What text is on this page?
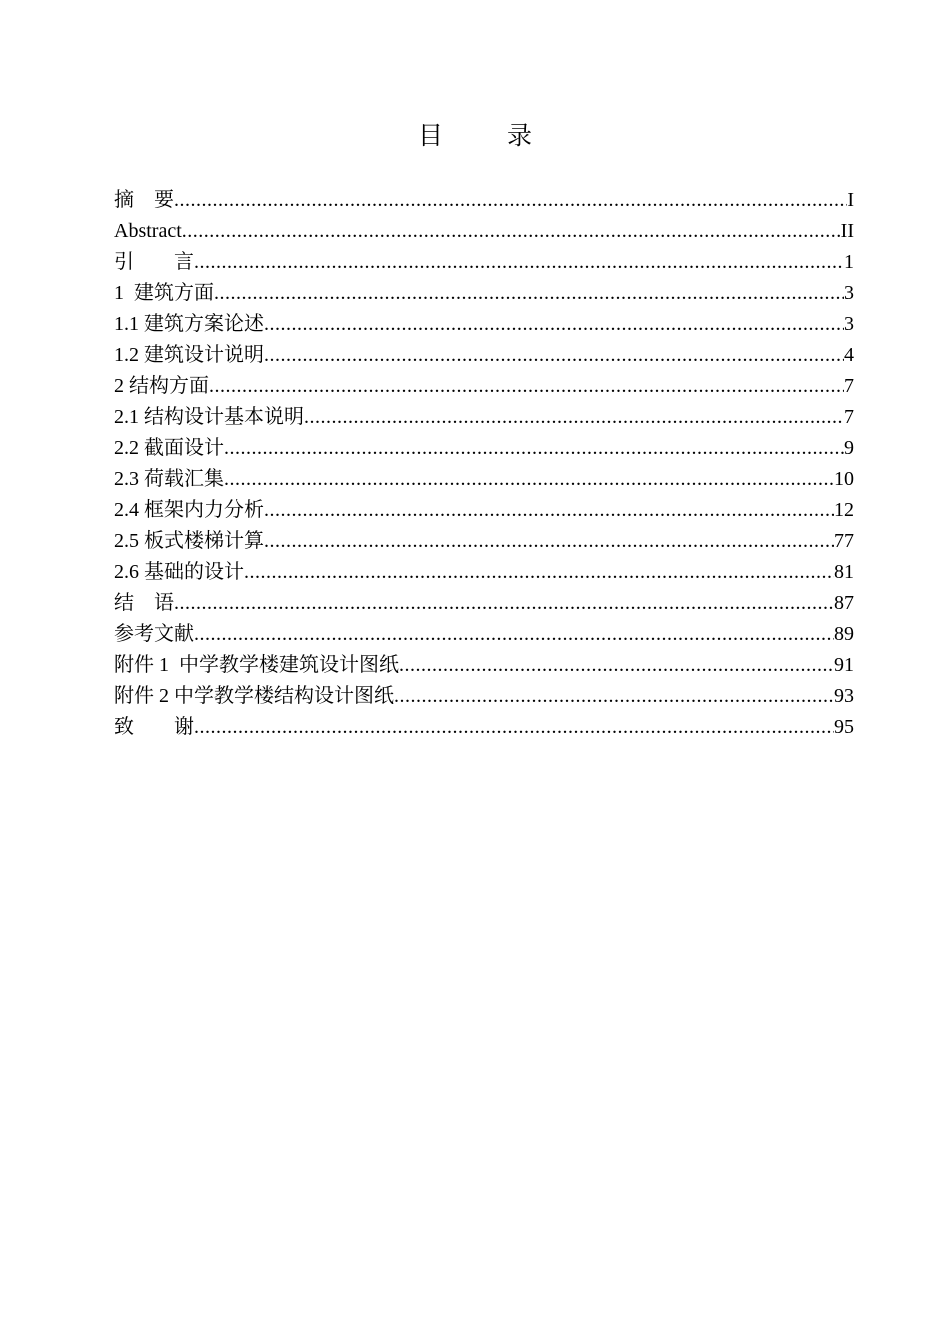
目 录
摘    要 .....	I
Abstract .....	II
引        言 .....	1
1  建筑方面 .....	3
1.1 建筑方案论述 .....	3
1.2 建筑设计说明 .....	4
2 结构方面 .....	7
2.1 结构设计基本说明 .....	7
2.2 截面设计 .....	9
2.3 荷载汇集 .....	10
2.4 框架内力分析 .....	12
2.5 板式楼梯计算 .....	77
2.6 基础的设计 .....	81
结    语 .....	87
参考文献 .....	89
附件 1  中学教学楼建筑设计图纸 .....	91
附件 2 中学教学楼结构设计图纸 .....	93
致        谢 .....	95
